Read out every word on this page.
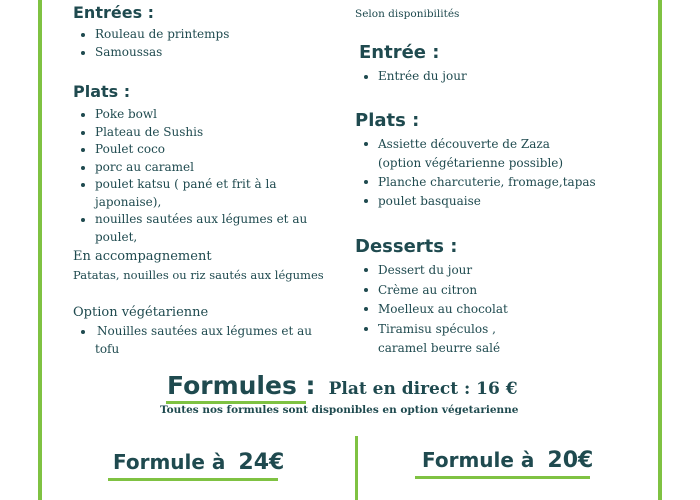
Entrées :
Rouleau de printemps
Samoussas
Plats :
Poke bowl
Plateau de Sushis
Poulet coco
porc au caramel
poulet katsu ( pané et frit à la
japonaise),
nouilles sautées aux légumes et au
poulet,
En accompagnement
Patatas, nouilles ou riz sautés aux légumes
Option végétarienne
Nouilles sautées aux légumes et au
tofu
Selon disponibilités
Entrée :
Entrée du jour
Plats :
Assiette découverte de Zaza
(option végétarienne possible)
Planche charcuterie, fromage,tapas
poulet basquaise
Desserts :
Dessert du jour
Crème au citron
Moelleux au chocolat
Tiramisu spéculos ,
caramel beurre salé
Formules : Plat en direct : 16 €
Toutes nos formules sont disponibles en option végetarienne
Formule à 24€	Formule à 20€
